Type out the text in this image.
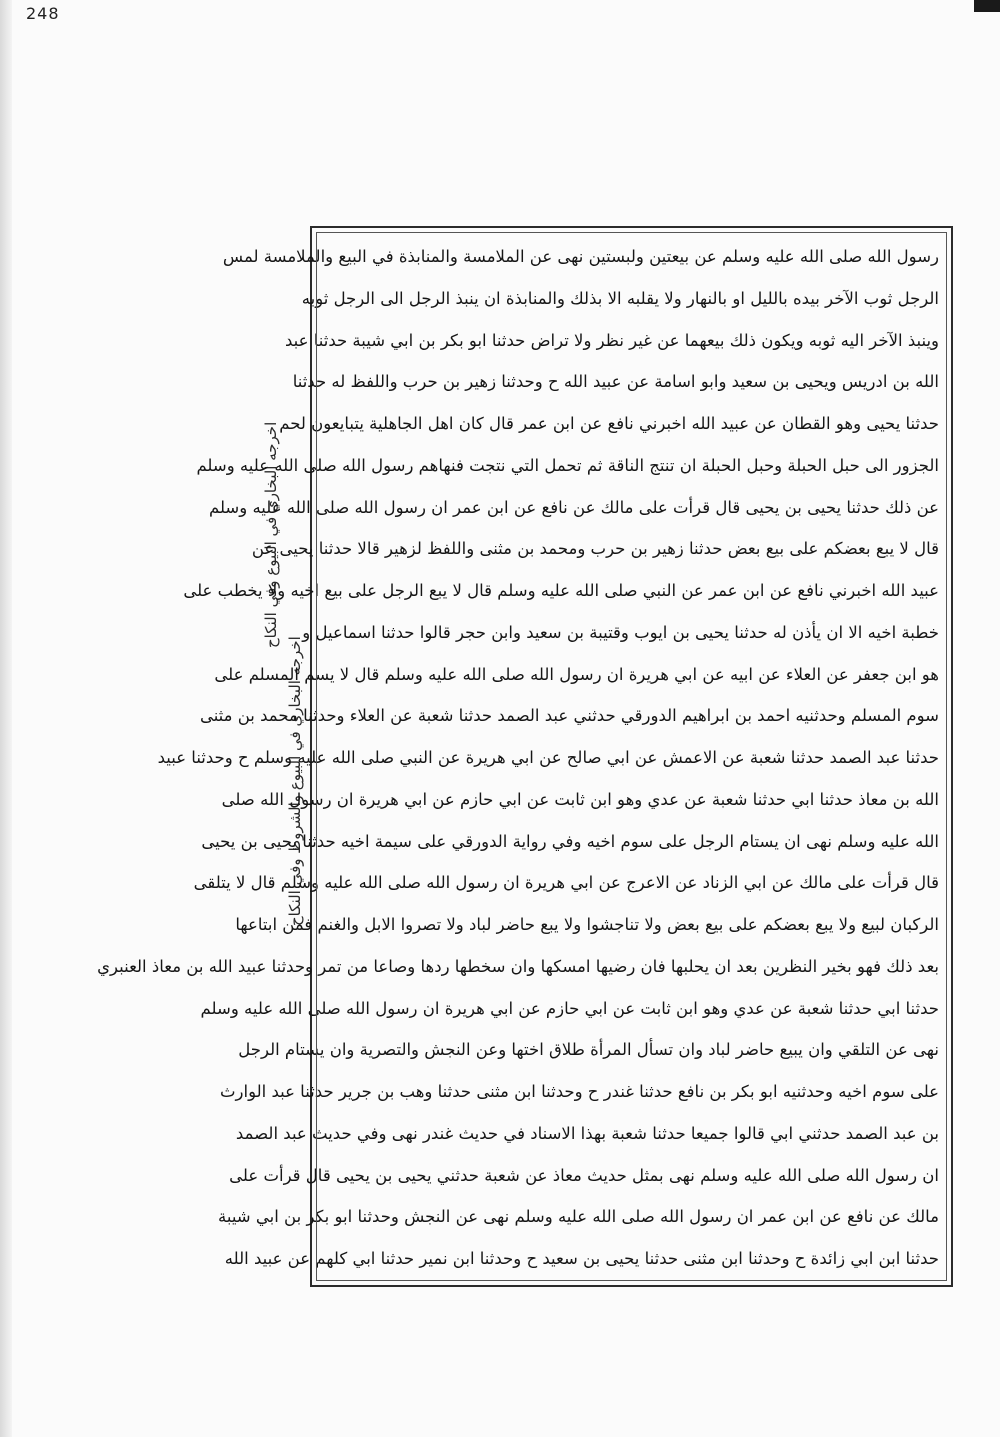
248
اخرجه البخاري في البيوع وفي النكاح
اخرجه البخاري في البيوع والشروط وفي النكاح
رسول الله صلى الله عليه وسلم عن بيعتين ولبستين نهى عن الملامسة والمنابذة في البيع والملامسة لمس
الرجل ثوب الآخر بيده بالليل او بالنهار ولا يقلبه الا بذلك والمنابذة ان ينبذ الرجل الى الرجل ثوبه
وينبذ الآخر اليه ثوبه ويكون ذلك بيعهما عن غير نظر ولا تراض حدثنا ابو بكر بن ابي شيبة حدثنا عبد
الله بن ادريس ويحيى بن سعيد وابو اسامة عن عبيد الله ح وحدثنا زهير بن حرب واللفظ له حدثنا
حدثنا يحيى وهو القطان عن عبيد الله اخبرني نافع عن ابن عمر قال كان اهل الجاهلية يتبايعون لحم
الجزور الى حبل الحبلة وحبل الحبلة ان تنتج الناقة ثم تحمل التي نتجت فنهاهم رسول الله صلى الله عليه وسلم
عن ذلك حدثنا يحيى بن يحيى قال قرأت على مالك عن نافع عن ابن عمر ان رسول الله صلى الله عليه وسلم
قال لا يبع بعضكم على بيع بعض حدثنا زهير بن حرب ومحمد بن مثنى واللفظ لزهير قالا حدثنا يحيى عن
عبيد الله اخبرني نافع عن ابن عمر عن النبي صلى الله عليه وسلم قال لا يبع الرجل على بيع اخيه ولا يخطب على
خطبة اخيه الا ان يأذن له حدثنا يحيى بن ايوب وقتيبة بن سعيد وابن حجر قالوا حدثنا اسماعيل و
هو ابن جعفر عن العلاء عن ابيه عن ابي هريرة ان رسول الله صلى الله عليه وسلم قال لا يسم المسلم على
سوم المسلم وحدثنيه احمد بن ابراهيم الدورقي حدثني عبد الصمد حدثنا شعبة عن العلاء وحدثنا محمد بن مثنى
حدثنا عبد الصمد حدثنا شعبة عن الاعمش عن ابي صالح عن ابي هريرة عن النبي صلى الله عليه وسلم ح وحدثنا عبيد
الله بن معاذ حدثنا ابي حدثنا شعبة عن عدي وهو ابن ثابت عن ابي حازم عن ابي هريرة ان رسول الله صلى
الله عليه وسلم نهى ان يستام الرجل على سوم اخيه وفي رواية الدورقي على سيمة اخيه حدثنا يحيى بن يحيى
قال قرأت على مالك عن ابي الزناد عن الاعرج عن ابي هريرة ان رسول الله صلى الله عليه وسلم قال لا يتلقى
الركبان لبيع ولا يبع بعضكم على بيع بعض ولا تناجشوا ولا يبع حاضر لباد ولا تصروا الابل والغنم فمن ابتاعها
بعد ذلك فهو بخير النظرين بعد ان يحلبها فان رضيها امسكها وان سخطها ردها وصاعا من تمر وحدثنا عبيد الله بن معاذ العنبري
حدثنا ابي حدثنا شعبة عن عدي وهو ابن ثابت عن ابي حازم عن ابي هريرة ان رسول الله صلى الله عليه وسلم
نهى عن التلقي وان يبيع حاضر لباد وان تسأل المرأة طلاق اختها وعن النجش والتصرية وان يستام الرجل
على سوم اخيه وحدثنيه ابو بكر بن نافع حدثنا غندر ح وحدثنا ابن مثنى حدثنا وهب بن جرير حدثنا عبد الوارث
بن عبد الصمد حدثني ابي قالوا جميعا حدثنا شعبة بهذا الاسناد في حديث غندر نهى وفي حديث عبد الصمد
ان رسول الله صلى الله عليه وسلم نهى بمثل حديث معاذ عن شعبة حدثني يحيى بن يحيى قال قرأت على
مالك عن نافع عن ابن عمر ان رسول الله صلى الله عليه وسلم نهى عن النجش وحدثنا ابو بكر بن ابي شيبة
حدثنا ابن ابي زائدة ح وحدثنا ابن مثنى حدثنا يحيى بن سعيد ح وحدثنا ابن نمير حدثنا ابي كلهم عن عبيد الله
